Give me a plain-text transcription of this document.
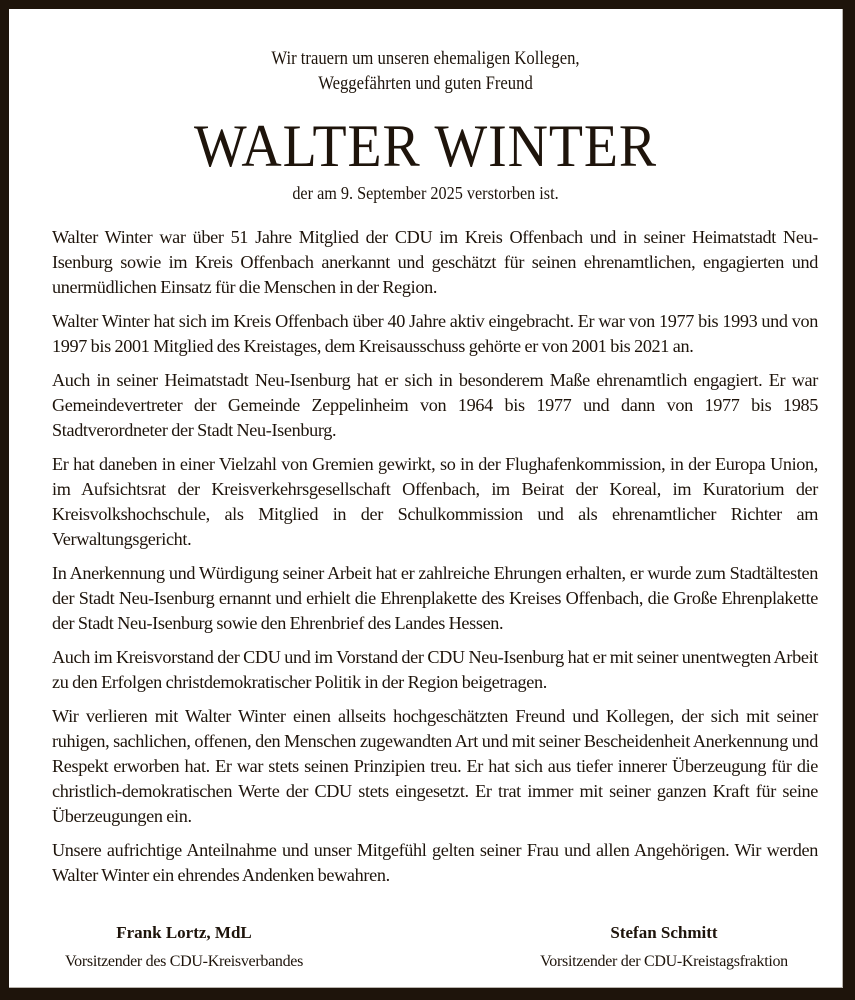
Wir trauern um unseren ehemaligen Kollegen,
Weggefährten und guten Freund
WALTER WINTER
der am 9. September 2025 verstorben ist.

Walter Winter war über 51 Jahre Mitglied der CDU im Kreis Offenbach und in seiner Heimatstadt Neu-Isenburg sowie im Kreis Offenbach anerkannt und geschätzt für seinen ehrenamtlichen, engagierten und unermüdlichen Einsatz für die Menschen in der Region.

Walter Winter hat sich im Kreis Offenbach über 40 Jahre aktiv eingebracht. Er war von 1977 bis 1993 und von 1997 bis 2001 Mitglied des Kreistages, dem Kreisausschuss gehörte er von 2001 bis 2021 an.

Auch in seiner Heimatstadt Neu-Isenburg hat er sich in besonderem Maße ehrenamtlich engagiert. Er war Gemeindevertreter der Gemeinde Zeppelinheim von 1964 bis 1977 und dann von 1977 bis 1985 Stadtverordneter der Stadt Neu-Isenburg.

Er hat daneben in einer Vielzahl von Gremien gewirkt, so in der Flughafenkommission, in der Europa Union, im Aufsichtsrat der Kreisverkehrsgesellschaft Offenbach, im Beirat der Koreal, im Kuratorium der Kreisvolkshochschule, als Mitglied in der Schulkommission und als ehrenamtlicher Richter am Verwaltungsgericht.

In Anerkennung und Würdigung seiner Arbeit hat er zahlreiche Ehrungen erhalten, er wurde zum Stadtältesten der Stadt Neu-Isenburg ernannt und erhielt die Ehrenplakette des Kreises Offenbach, die Große Ehrenplakette der Stadt Neu-Isenburg sowie den Ehrenbrief des Landes Hessen.

Auch im Kreisvorstand der CDU und im Vorstand der CDU Neu-Isenburg hat er mit seiner unentwegten Arbeit zu den Erfolgen christdemokratischer Politik in der Region beigetragen.

Wir verlieren mit Walter Winter einen allseits hochgeschätzten Freund und Kollegen, der sich mit seiner ruhigen, sachlichen, offenen, den Menschen zugewandten Art und mit seiner Bescheidenheit Anerkennung und Respekt erworben hat. Er war stets seinen Prinzipien treu. Er hat sich aus tiefer innerer Überzeugung für die christlich-demokratischen Werte der CDU stets eingesetzt. Er trat immer mit seiner ganzen Kraft für seine Überzeugungen ein.

Unsere aufrichtige Anteilnahme und unser Mitgefühl gelten seiner Frau und allen Angehörigen. Wir werden Walter Winter ein ehrendes Andenken bewahren.

Frank Lortz, MdL
Vorsitzender des CDU-Kreisverbandes
Stefan Schmitt
Vorsitzender der CDU-Kreistagsfraktion
